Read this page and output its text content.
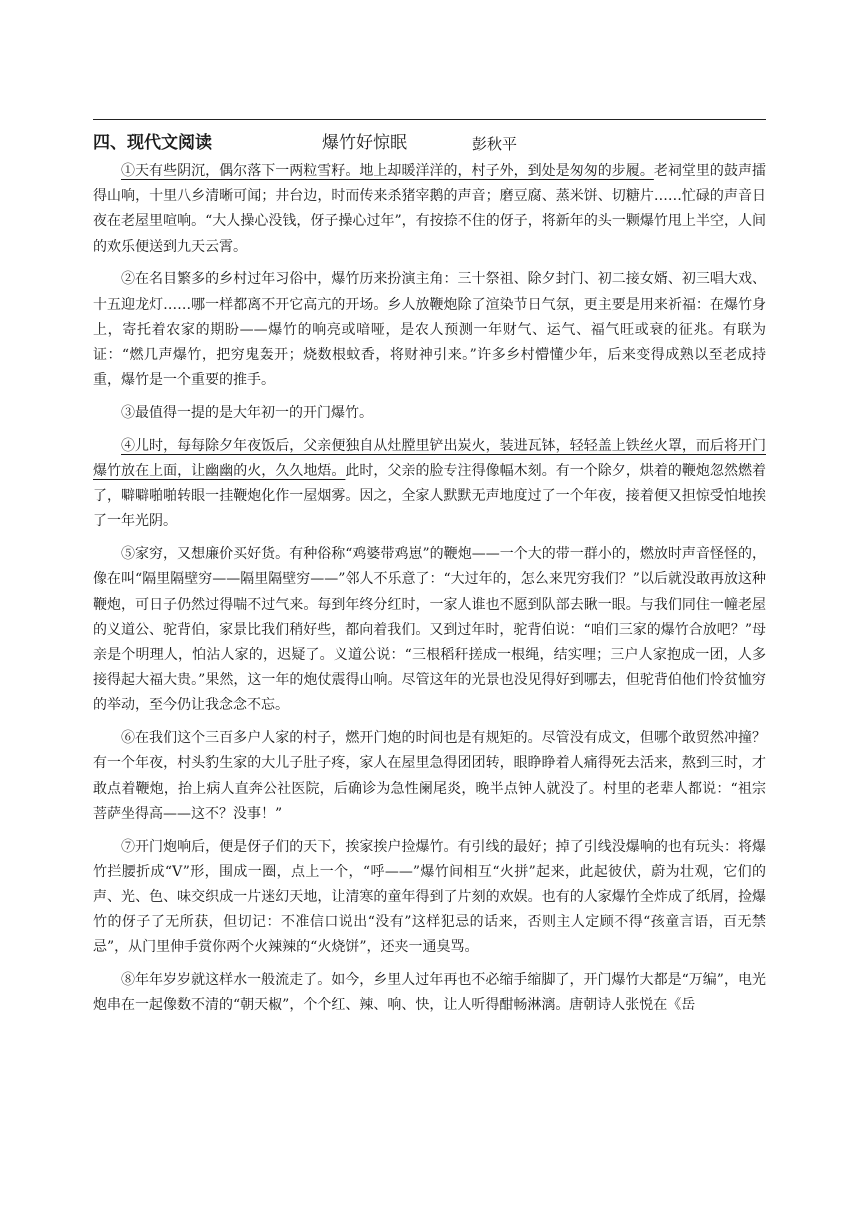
四、现代文阅读	爆竹好惊眠	彭秋平

①天有些阴沉，偶尔落下一两粒雪籽。地上却暖洋洋的，村子外，到处是匆匆的步履。老祠堂里的鼓声擂得山响，十里八乡清晰可闻；井台边，时而传来杀猪宰鹅的声音；磨豆腐、蒸米饼、切糖片……忙碌的声音日夜在老屋里喧响。“大人操心没钱，伢子操心过年”，有按捺不住的伢子，将新年的头一颗爆竹甩上半空，人间的欢乐便送到九天云霄。

②在名目繁多的乡村过年习俗中，爆竹历来扮演主角：三十祭祖、除夕封门、初二接女婿、初三唱大戏、十五迎龙灯……哪一样都离不开它高亢的开场。乡人放鞭炮除了渲染节日气氛，更主要是用来祈福：在爆竹身上，寄托着农家的期盼——爆竹的响亮或喑哑，是农人预测一年财气、运气、福气旺或衰的征兆。有联为证：“燃几声爆竹，把穷鬼轰开；烧数根蚊香，将财神引来。”许多乡村懵懂少年，后来变得成熟以至老成持重，爆竹是一个重要的推手。

③最值得一提的是大年初一的开门爆竹。

④儿时，每每除夕年夜饭后，父亲便独自从灶膛里铲出炭火，装进瓦钵，轻轻盖上铁丝火罩，而后将开门爆竹放在上面，让幽幽的火，久久地焐。此时，父亲的脸专注得像幅木刻。有一个除夕，烘着的鞭炮忽然燃着了，噼噼啪啪转眼一挂鞭炮化作一屋烟雾。因之，全家人默默无声地度过了一个年夜，接着便又担惊受怕地挨了一年光阴。

⑤家穷，又想廉价买好货。有种俗称“鸡婆带鸡崽”的鞭炮——一个大的带一群小的，燃放时声音怪怪的，像在叫“隔里隔壁穷——隔里隔壁穷——”邻人不乐意了：“大过年的，怎么来咒穷我们？”以后就没敢再放这种鞭炮，可日子仍然过得喘不过气来。每到年终分红时，一家人谁也不愿到队部去瞅一眼。与我们同住一幢老屋的义道公、驼背伯，家景比我们稍好些，都向着我们。又到过年时，驼背伯说：“咱们三家的爆竹合放吧？”母亲是个明理人，怕沾人家的，迟疑了。义道公说：“三根稻秆搓成一根绳，结实哩；三户人家抱成一团，人多接得起大福大贵。”果然，这一年的炮仗震得山响。尽管这年的光景也没见得好到哪去，但驼背伯他们怜贫恤穷的举动，至今仍让我念念不忘。

⑥在我们这个三百多户人家的村子，燃开门炮的时间也是有规矩的。尽管没有成文，但哪个敢贸然冲撞？有一个年夜，村头豹生家的大儿子肚子疼，家人在屋里急得团团转，眼睁睁着人痛得死去活来，熬到三时，才敢点着鞭炮，抬上病人直奔公社医院，后确诊为急性阑尾炎，晚半点钟人就没了。村里的老辈人都说：“祖宗菩萨坐得高——这不？没事！”

⑦开门炮响后，便是伢子们的天下，挨家挨户捡爆竹。有引线的最好；掉了引线没爆响的也有玩头：将爆竹拦腰折成“V”形，围成一圈，点上一个，“呼——”爆竹间相互“火拼”起来，此起彼伏，蔚为壮观，它们的声、光、色、味交织成一片迷幻天地，让清寒的童年得到了片刻的欢娱。也有的人家爆竹全炸成了纸屑，捡爆竹的伢子了无所获，但切记：不准信口说出“没有”这样犯忌的话来，否则主人定顾不得“孩童言语，百无禁忌”，从门里伸手赏你两个火辣辣的“火烧饼”，还夹一通臭骂。

⑧年年岁岁就这样水一般流走了。如今，乡里人过年再也不必缩手缩脚了，开门爆竹大都是“万编”，电光炮串在一起像数不清的“朝天椒”，个个红、辣、响、快，让人听得酣畅淋漓。唐朝诗人张悦在《岳
